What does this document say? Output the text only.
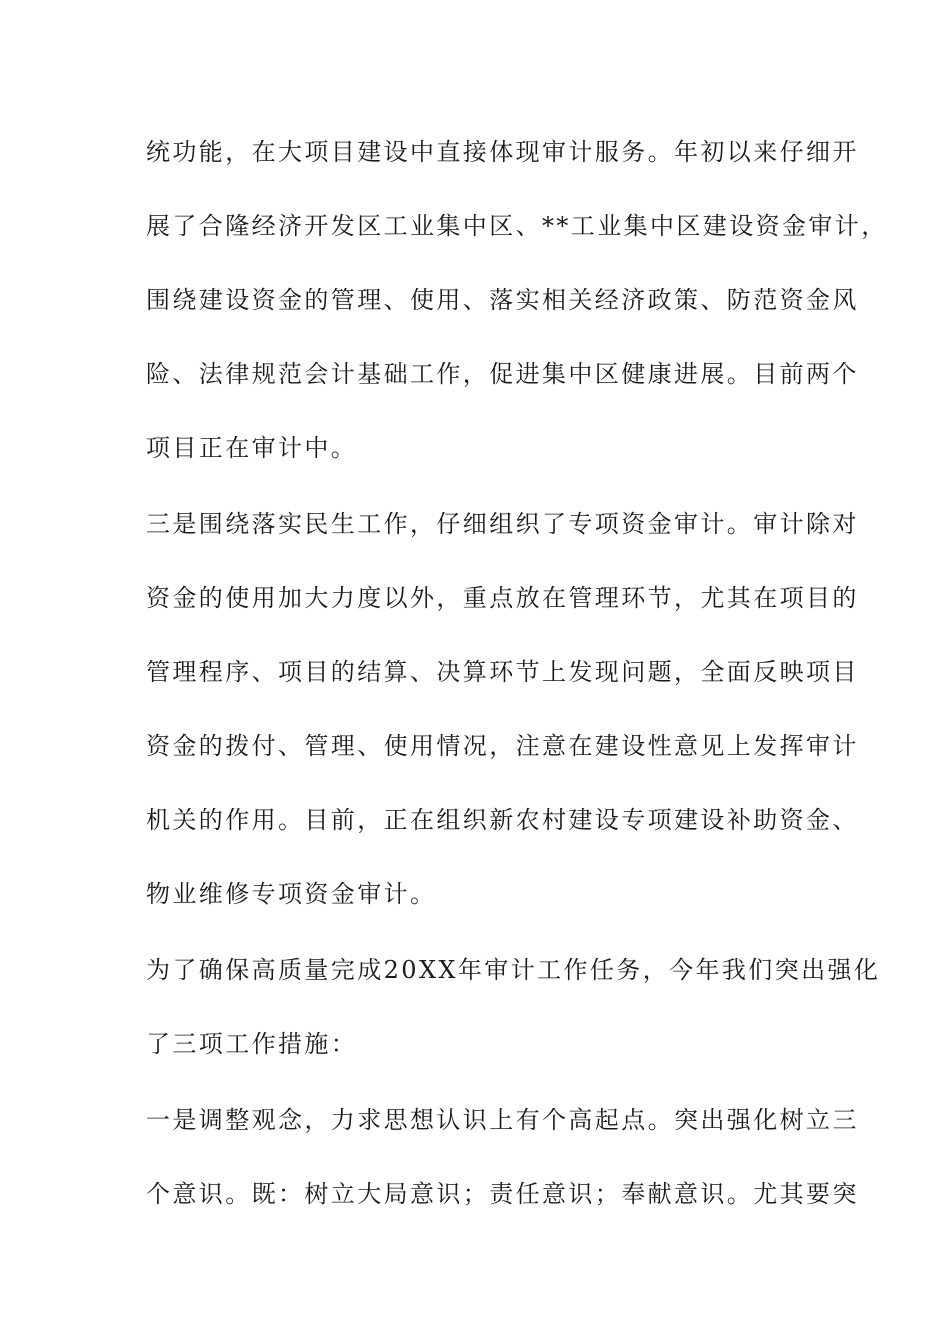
统功能，在大项目建设中直接体现审计服务。年初以来仔细开
展了合隆经济开发区工业集中区、**工业集中区建设资金审计，
围绕建设资金的管理、使用、落实相关经济政策、防范资金风
险、法律规范会计基础工作，促进集中区健康进展。目前两个
项目正在审计中。
三是围绕落实民生工作，仔细组织了专项资金审计。审计除对
资金的使用加大力度以外，重点放在管理环节，尤其在项目的
管理程序、项目的结算、决算环节上发现问题，全面反映项目
资金的拨付、管理、使用情况，注意在建设性意见上发挥审计
机关的作用。目前，正在组织新农村建设专项建设补助资金、
物业维修专项资金审计。
为了确保高质量完成20XX年审计工作任务，今年我们突出强化
了三项工作措施：
一是调整观念，力求思想认识上有个高起点。突出强化树立三
个意识。既：树立大局意识；责任意识；奉献意识。尤其要突
